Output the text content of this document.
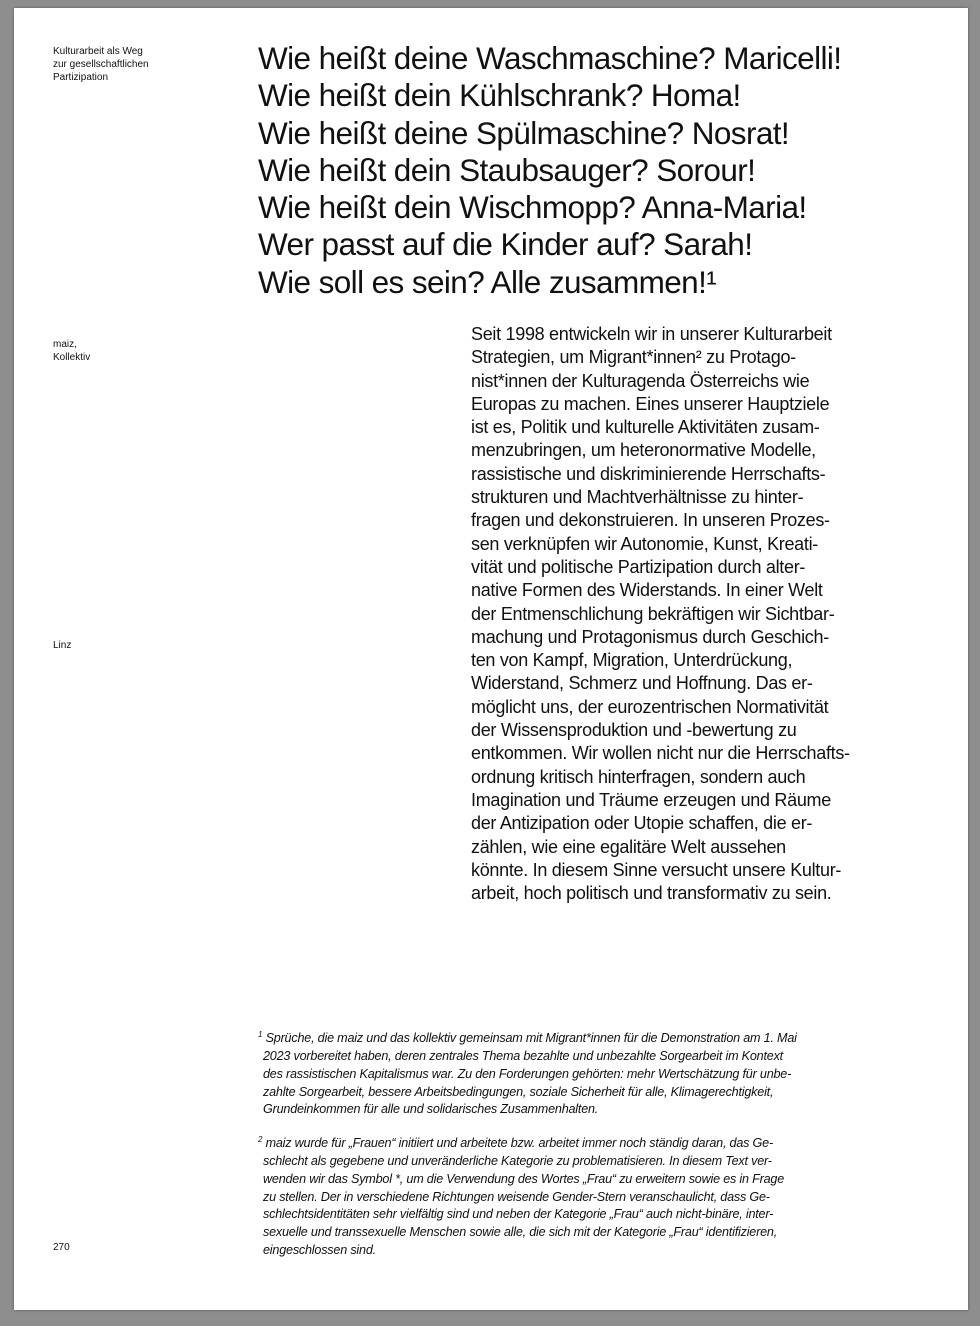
Kulturarbeit als Weg
zur gesellschaftlichen
Partizipation
maiz,
Kollektiv
Linz
270
Wie heißt deine Waschmaschine? Maricelli!
Wie heißt dein Kühlschrank? Homa!
Wie heißt deine Spülmaschine? Nosrat!
Wie heißt dein Staubsauger? Sorour!
Wie heißt dein Wischmopp? Anna-Maria!
Wer passt auf die Kinder auf? Sarah!
Wie soll es sein? Alle zusammen!¹
Seit 1998 entwickeln wir in unserer Kulturarbeit
Strategien, um Migrant*innen² zu Protago-
nist*innen der Kulturagenda Österreichs wie
Europas zu machen. Eines unserer Hauptziele
ist es, Politik und kulturelle Aktivitäten zusam-
menzubringen, um heteronormative Modelle,
rassistische und diskriminierende Herrschafts-
strukturen und Machtverhältnisse zu hinter-
fragen und dekonstruieren. In unseren Prozes-
sen verknüpfen wir Autonomie, Kunst, Kreati-
vität und politische Partizipation durch alter-
native Formen des Widerstands. In einer Welt
der Entmenschlichung bekräftigen wir Sichtbar-
machung und Protagonismus durch Geschich-
ten von Kampf, Migration, Unterdrückung,
Widerstand, Schmerz und Hoffnung. Das er-
möglicht uns, der eurozentrischen Normativität
der Wissensproduktion und -bewertung zu
entkommen. Wir wollen nicht nur die Herrschafts-
ordnung kritisch hinterfragen, sondern auch
Imagination und Träume erzeugen und Räume
der Antizipation oder Utopie schaffen, die er-
zählen, wie eine egalitäre Welt aussehen
könnte. In diesem Sinne versucht unsere Kultur-
arbeit, hoch politisch und transformativ zu sein.
$^1$ Sprüche, die maiz und das kollektiv gemeinsam mit Migrant*innen für die Demonstration am 1. Mai

2023 vorbereitet haben, deren zentrales Thema bezahlte und unbezahlte Sorgearbeit im Kontext
des rassistischen Kapitalismus war. Zu den Forderungen gehörten: mehr Wertschätzung für unbe-
zahlte Sorgearbeit, bessere Arbeitsbedingungen, soziale Sicherheit für alle, Klimagerechtigkeit,
Grundeinkommen für alle und solidarisches Zusammenhalten.
$^2$ maiz wurde für „Frauen“ initiiert und arbeitete bzw. arbeitet immer noch ständig daran, das Ge-

schlecht als gegebene und unveränderliche Kategorie zu problematisieren. In diesem Text ver-
wenden wir das Symbol *, um die Verwendung des Wortes „Frau“ zu erweitern sowie es in Frage
zu stellen. Der in verschiedene Richtungen weisende Gender-Stern veranschaulicht, dass Ge-
schlechtsidentitäten sehr vielfältig sind und neben der Kategorie „Frau“ auch nicht-binäre, inter-
sexuelle und transsexuelle Menschen sowie alle, die sich mit der Kategorie „Frau“ identifizieren,
eingeschlossen sind.
